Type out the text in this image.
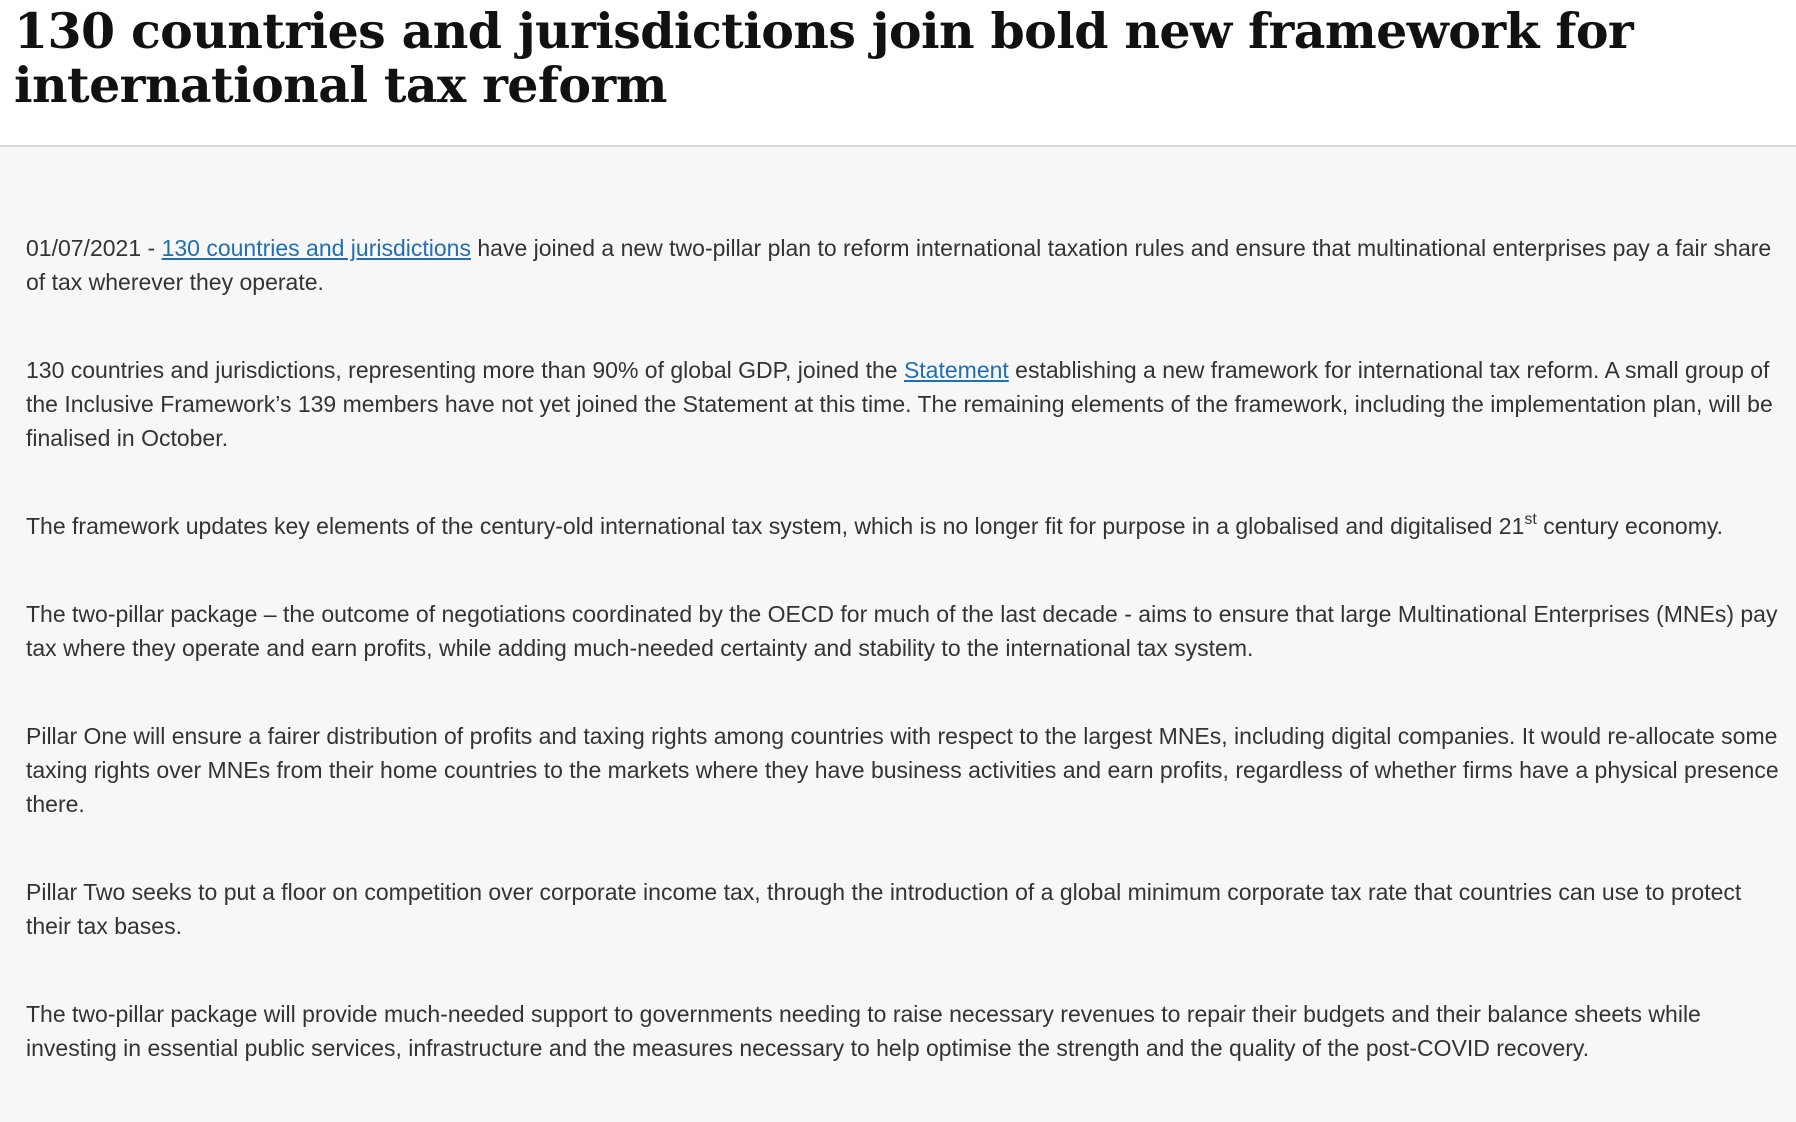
130 countries and jurisdictions join bold new framework for international tax reform

01/07/2021 - 130 countries and jurisdictions have joined a new two-pillar plan to reform international taxation rules and ensure that multinational enterprises pay a fair share of tax wherever they operate.

130 countries and jurisdictions, representing more than 90% of global GDP, joined the Statement establishing a new framework for international tax reform. A small group of the Inclusive Framework’s 139 members have not yet joined the Statement at this time. The remaining elements of the framework, including the implementation plan, will be finalised in October.

The framework updates key elements of the century-old international tax system, which is no longer fit for purpose in a globalised and digitalised 21st century economy.

The two-pillar package – the outcome of negotiations coordinated by the OECD for much of the last decade - aims to ensure that large Multinational Enterprises (MNEs) pay tax where they operate and earn profits, while adding much-needed certainty and stability to the international tax system.

Pillar One will ensure a fairer distribution of profits and taxing rights among countries with respect to the largest MNEs, including digital companies. It would re-allocate some taxing rights over MNEs from their home countries to the markets where they have business activities and earn profits, regardless of whether firms have a physical presence there.

Pillar Two seeks to put a floor on competition over corporate income tax, through the introduction of a global minimum corporate tax rate that countries can use to protect their tax bases.

The two-pillar package will provide much-needed support to governments needing to raise necessary revenues to repair their budgets and their balance sheets while investing in essential public services, infrastructure and the measures necessary to help optimise the strength and the quality of the post-COVID recovery.
